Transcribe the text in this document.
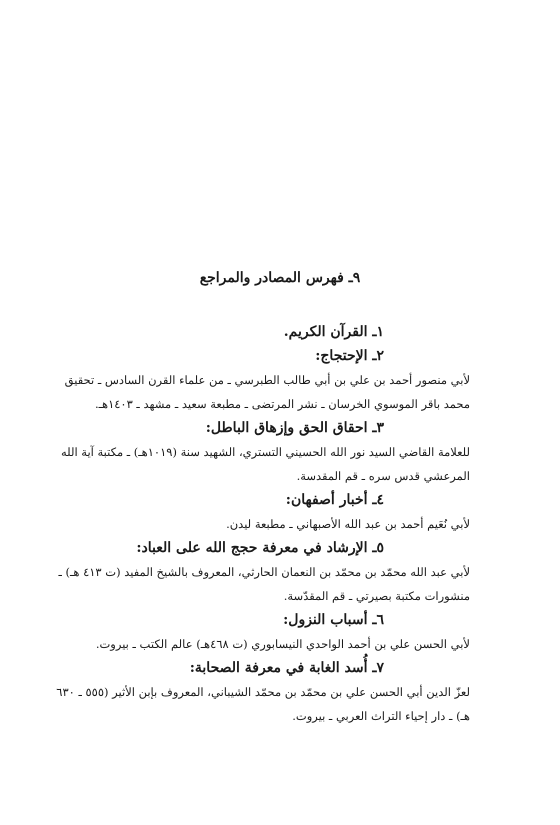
٩ـ فهرس المصادر والمراجع
١ـ القرآن الكريم.
٢ـ الإحتجاج:
لأبي منصور أحمد بن علي بن أبي طالب الطبرسي ـ من علماء القرن السادس ـ تحقيق
محمد باقر الموسوي الخرسان ـ نشر المرتضى ـ مطبعة سعيد ـ مشهد ـ ١٤٠٣هـ.
٣ـ احقاق الحق وإزهاق الباطل:
للعلامة القاضي السيد نور الله الحسيني التستري، الشهيد سنة (١٠١٩هـ) ـ مكتبة آية الله
المرعشي قدس سره ـ قم المقدسة.
٤ـ أخبار أصفهان:
لأبي نُعَيم أحمد بن عبد الله الأصبهاني ـ مطبعة ليدن.
٥ـ الإرشاد في معرفة حجج الله على العباد:
لأبي عبد الله محمّد بن محمّد بن النعمان الحارثي، المعروف بالشيخ المفيد (ت ٤١٣ هـ) ـ
منشورات مكتبة بصيرتي ـ قم المقدّسة.
٦ـ أسباب النزول:
لأبي الحسن علي بن أحمد الواحدي النيسابوري (ت ٤٦٨هـ) عالم الكتب ـ بيروت.
٧ـ أُسد الغابة في معرفة الصحابة:
لعزّ الدين أبي الحسن علي بن محمّد بن محمّد الشيباني، المعروف بإبن الأثير (٥٥٥ ـ ٦٣٠
هـ) ـ دار إحياء التراث العربي ـ بيروت.
